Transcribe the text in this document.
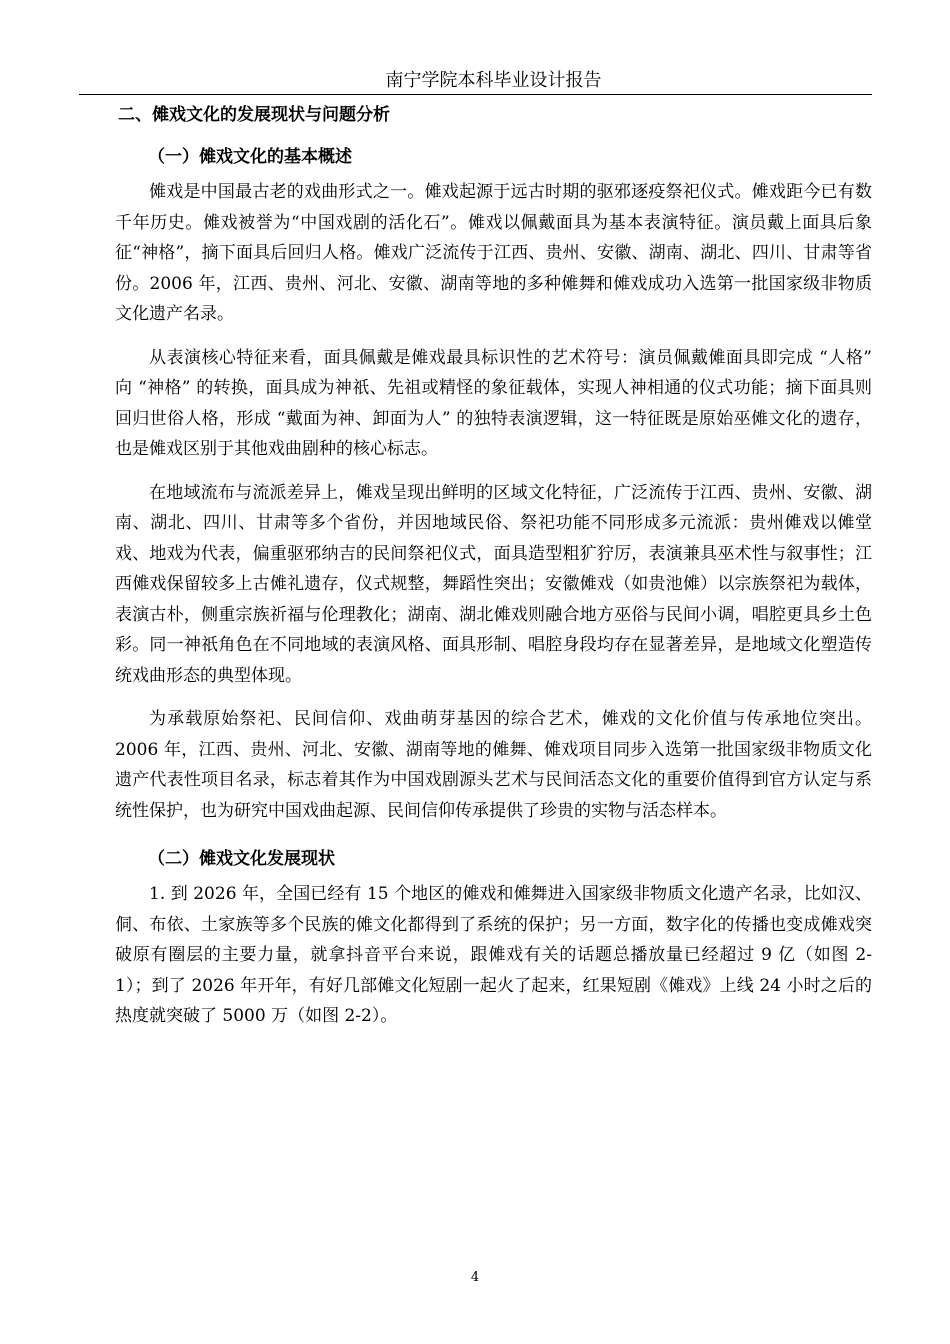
南宁学院本科毕业设计报告
二、傩戏文化的发展现状与问题分析
（一）傩戏文化的基本概述

傩戏是中国最古老的戏曲形式之一。傩戏起源于远古时期的驱邪逐疫祭祀仪式。傩戏距今已有数千年历史。傩戏被誉为“中国戏剧的活化石”。傩戏以佩戴面具为基本表演特征。演员戴上面具后象征“神格”，摘下面具后回归人格。傩戏广泛流传于江西、贵州、安徽、湖南、湖北、四川、甘肃等省份。2006 年，江西、贵州、河北、安徽、湖南等地的多种傩舞和傩戏成功入选第一批国家级非物质文化遗产名录。

从表演核心特征来看，面具佩戴是傩戏最具标识性的艺术符号：演员佩戴傩面具即完成 “人格” 向 “神格” 的转换，面具成为神祇、先祖或精怪的象征载体，实现人神相通的仪式功能；摘下面具则回归世俗人格，形成 “戴面为神、卸面为人” 的独特表演逻辑，这一特征既是原始巫傩文化的遗存，也是傩戏区别于其他戏曲剧种的核心标志。

在地域流布与流派差异上，傩戏呈现出鲜明的区域文化特征，广泛流传于江西、贵州、安徽、湖南、湖北、四川、甘肃等多个省份，并因地域民俗、祭祀功能不同形成多元流派：贵州傩戏以傩堂戏、地戏为代表，偏重驱邪纳吉的民间祭祀仪式，面具造型粗犷狞厉，表演兼具巫术性与叙事性；江西傩戏保留较多上古傩礼遗存，仪式规整，舞蹈性突出；安徽傩戏（如贵池傩）以宗族祭祀为载体，表演古朴，侧重宗族祈福与伦理教化；湖南、湖北傩戏则融合地方巫俗与民间小调，唱腔更具乡土色彩。同一神祇角色在不同地域的表演风格、面具形制、唱腔身段均存在显著差异，是地域文化塑造传统戏曲形态的典型体现。

为承载原始祭祀、民间信仰、戏曲萌芽基因的综合艺术，傩戏的文化价值与传承地位突出。2006 年，江西、贵州、河北、安徽、湖南等地的傩舞、傩戏项目同步入选第一批国家级非物质文化遗产代表性项目名录，标志着其作为中国戏剧源头艺术与民间活态文化的重要价值得到官方认定与系统性保护，也为研究中国戏曲起源、民间信仰传承提供了珍贵的实物与活态样本。

（二）傩戏文化发展现状

1. 到 2026 年，全国已经有 15 个地区的傩戏和傩舞进入国家级非物质文化遗产名录，比如汉、侗、布依、土家族等多个民族的傩文化都得到了系统的保护；另一方面，数字化的传播也变成傩戏突破原有圈层的主要力量，就拿抖音平台来说，跟傩戏有关的话题总播放量已经超过 9 亿（如图 2-1）；到了 2026 年开年，有好几部傩文化短剧一起火了起来，红果短剧《傩戏》上线 24 小时之后的热度就突破了 5000 万（如图 2-2）。

4
